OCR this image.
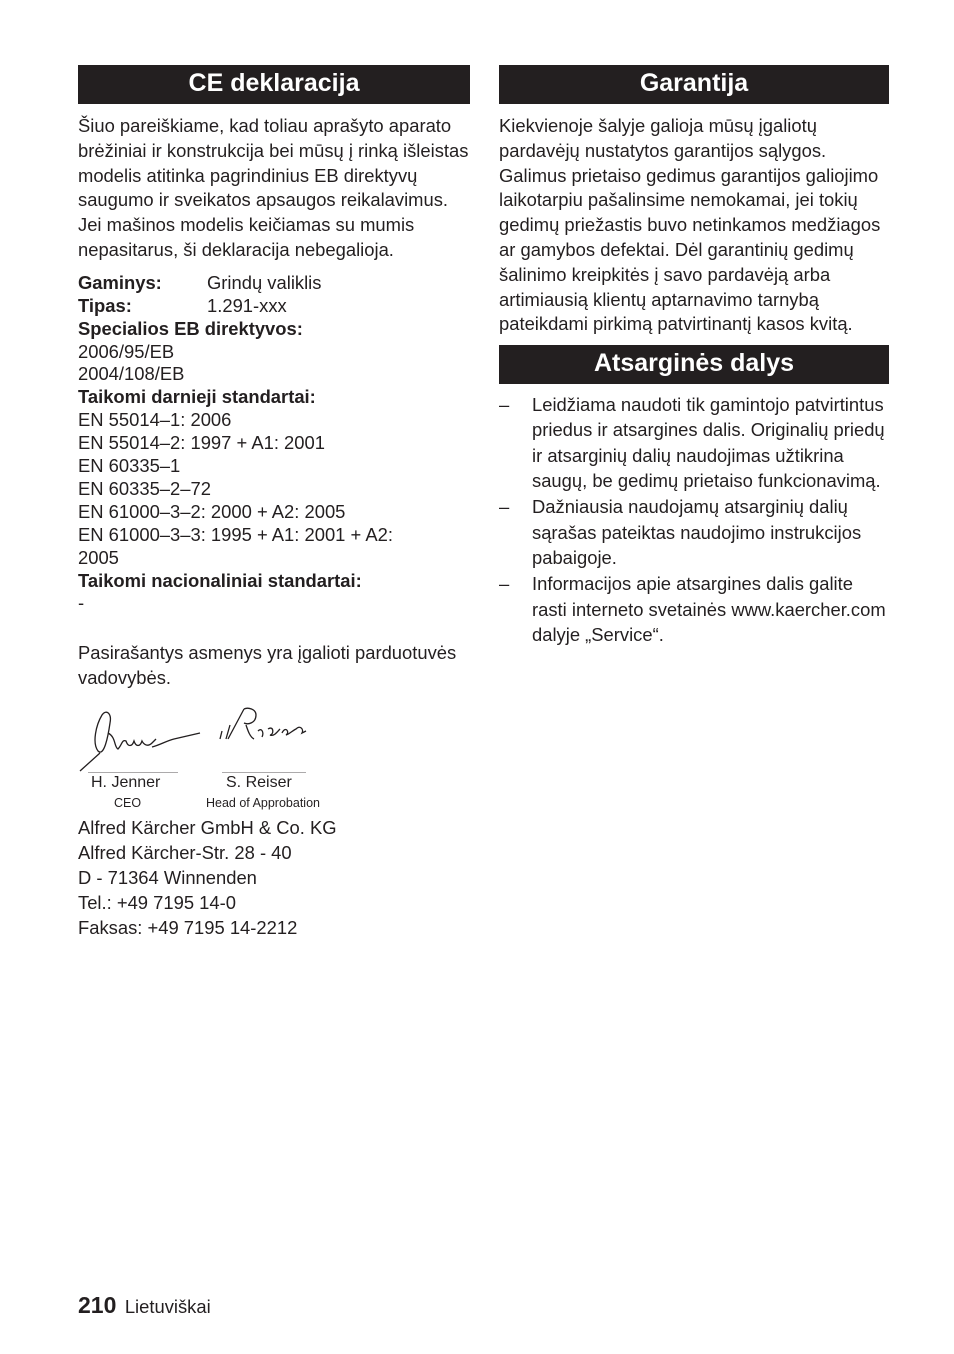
CE deklaracija

Šiuo pareiškiame, kad toliau aprašyto aparato brėžiniai ir konstrukcija bei mūsų į rinką išleistas modelis atitinka pagrindinius EB direktyvų saugumo ir sveikatos apsaugos reikalavimus. Jei mašinos modelis keičiamas su mumis nepasitarus, ši deklaracija nebegalioja.

Gaminys: Grindų valiklis
Tipas:	1.291-xxx
Specialios EB direktyvos:
2006/95/EB
2004/108/EB
Taikomi darnieji standartai:
EN 55014–1: 2006
EN 55014–2: 1997 + A1: 2001
EN 60335–1
EN 60335–2–72
EN 61000–3–2: 2000 + A2: 2005
EN 61000–3–3: 1995 + A1: 2001 + A2:
2005
Taikomi nacionaliniai standartai:
-

Pasirašantys asmenys yra įgalioti parduotuvės vadovybės.

H. Jenner
CEO
S. Reiser
Head of Approbation
Alfred Kärcher GmbH & Co. KG
Alfred Kärcher-Str. 28 - 40
D - 71364 Winnenden
Tel.: +49 7195 14-0
Faksas: +49 7195 14-2212
Garantija

Kiekvienoje šalyje galioja mūsų įgaliotų pardavėjų nustatytos garantijos sąlygos. Galimus prietaiso gedimus garantijos galiojimo laikotarpiu pašalinsime nemokamai, jei tokių gedimų priežastis buvo netinkamos medžiagos ar gamybos defektai. Dėl garantinių gedimų šalinimo kreipkitės į savo pardavėją arba artimiausią klientų aptarnavimo tarnybą pateikdami pirkimą patvirtinantį kasos kvitą.

Atsarginės dalys
– Leidžiama naudoti tik gamintojo patvirtintus priedus ir atsargines dalis. Originalių priedų ir atsarginių dalių naudojimas užtikrina saugų, be gedimų prietaiso funkcionavimą.
– Dažniausia naudojamų atsarginių dalių sąrašas pateiktas naudojimo instrukcijos pabaigoje.
– Informacijos apie atsargines dalis galite rasti interneto svetainės www.kaercher.com dalyje „Service“.
210 Lietuviškai
